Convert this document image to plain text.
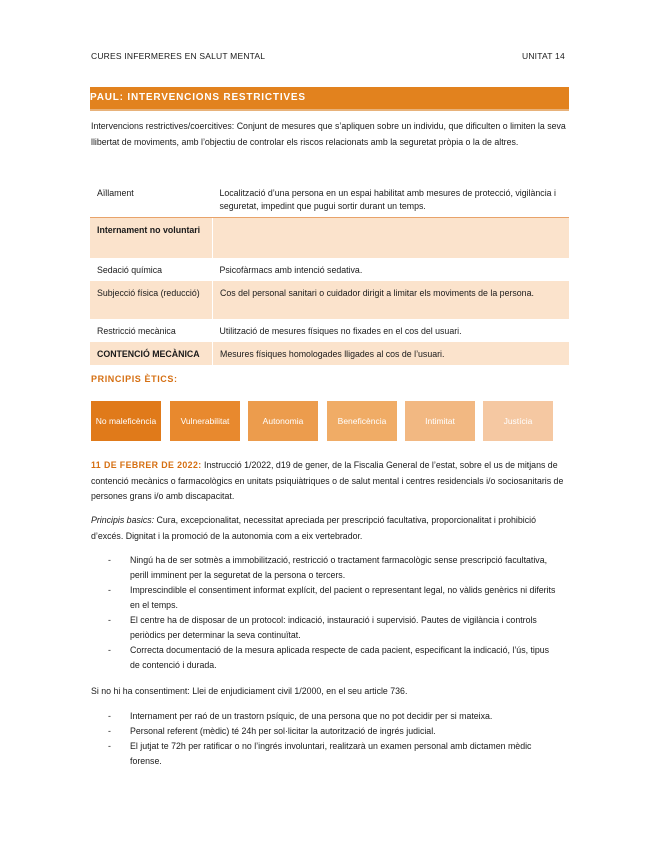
CURES INFERMERES EN SALUT MENTAL	UNITAT 14
PAUL: INTERVENCIONS RESTRICTIVES
Intervencions restrictives/coercitives: Conjunt de mesures que s’apliquen sobre un individu, que dificulten o limiten la seva llibertat de moviments, amb l’objectiu de controlar els riscos relacionats amb la seguretat pròpia o la de altres.
Aïllament	Localització d’una persona en un espai habilitat amb mesures de protecció, vigilància i seguretat, impedint que pugui sortir durant un temps.
Internament no voluntari	
Sedació química	Psicofàrmacs amb intenció sedativa.
Subjecció física (reducció)	Cos del personal sanitari o cuidador dirigit a limitar els moviments de la persona.
Restricció mecànica	Utilització de mesures físiques no fixades en el cos del usuari.
CONTENCIÓ MECÀNICA	Mesures físiques homologades lligades al cos de l’usuari.
PRINCIPIS ÈTICS:
No maleficència	Vulnerabilitat	Autonomia	Beneficència	Intimitat	Justícia
11 DE FEBRER DE 2022: Instrucció 1/2022, d19 de gener, de la Fiscalia General de l’estat, sobre el us de mitjans de contenció mecànics o farmacològics en unitats psiquiàtriques o de salut mental i centres residencials i/o sociosanitaris de persones grans i/o amb discapacitat.
Principis basics: Cura, excepcionalitat, necessitat apreciada per prescripció facultativa, proporcionalitat i prohibició d’excés. Dignitat i la promoció de la autonomia com a eix vertebrador.
- Ningú ha de ser sotmès a immobilització, restricció o tractament farmacològic sense prescripció facultativa, perill imminent per la seguretat de la persona o tercers.
- Imprescindible el consentiment informat explícit, del pacient o representant legal, no vàlids genèrics ni diferits en el temps.
- El centre ha de disposar de un protocol: indicació, instauració i supervisió. Pautes de vigilància i controls periòdics per determinar la seva continuïtat.
- Correcta documentació de la mesura aplicada respecte de cada pacient, especificant la indicació, l’ús, tipus de contenció i durada.
Si no hi ha consentiment: Llei de enjudiciament civil 1/2000, en el seu article 736.
- Internament per raó de un trastorn psíquic, de una persona que no pot decidir per si mateixa.
- Personal referent (mèdic) té 24h per sol·licitar la autorització de ingrés judicial.
- El jutjat te 72h per ratificar o no l’ingrés involuntari, realitzarà un examen personal amb dictamen mèdic forense.
